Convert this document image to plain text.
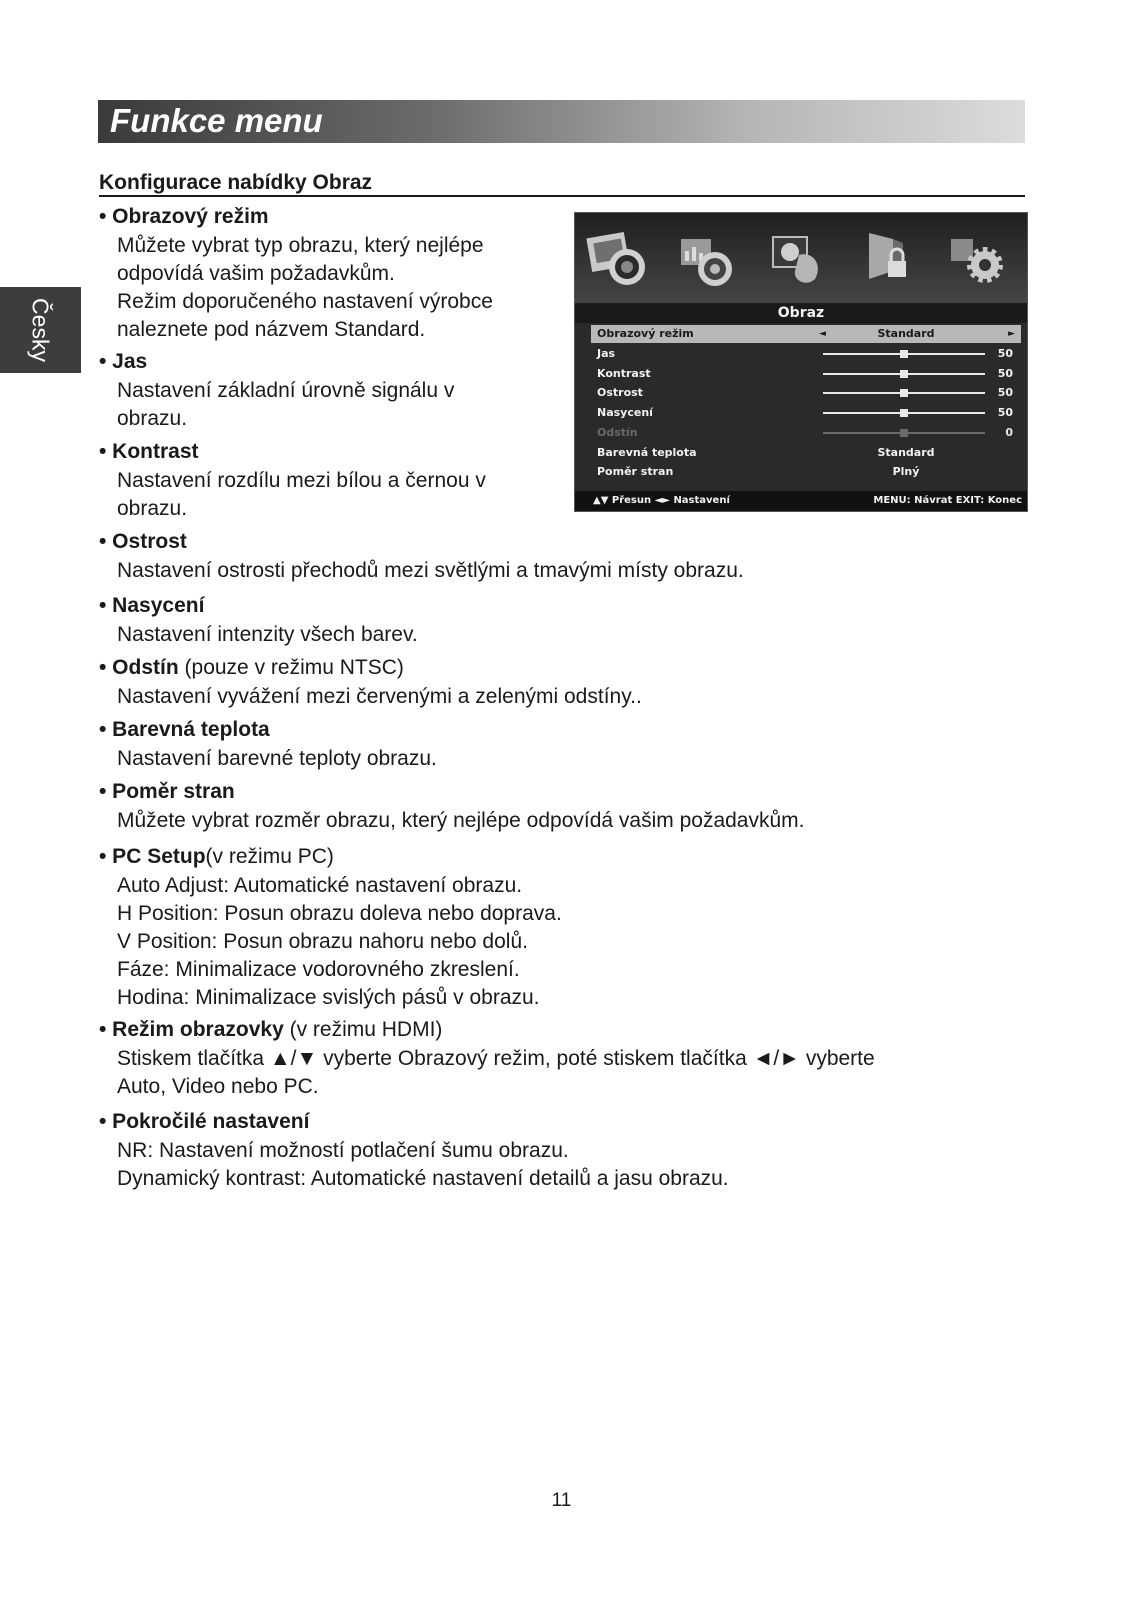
Funkce menu
Česky
Konfigurace nabídky Obraz
• Obrazový režim
Můžete vybrat typ obrazu, který nejlépe
odpovídá vašim požadavkům.
Režim doporučeného nastavení výrobce
naleznete pod názvem Standard.
• Jas
Nastavení základní úrovně signálu v
obrazu.
• Kontrast
Nastavení rozdílu mezi bílou a černou v
obrazu.
• Ostrost
Nastavení ostrosti přechodů mezi světlými a tmavými místy obrazu.
• Nasycení
Nastavení intenzity všech barev.
• Odstín (pouze v režimu NTSC)
Nastavení vyvážení mezi červenými a zelenými odstíny..
• Barevná teplota
Nastavení barevné teploty obrazu.
• Poměr stran
Můžete vybrat rozměr obrazu, který nejlépe odpovídá vašim požadavkům.
• PC Setup(v režimu PC)
Auto Adjust: Automatické nastavení obrazu.
H Position: Posun obrazu doleva nebo doprava.
V Position: Posun obrazu nahoru nebo dolů.
Fáze: Minimalizace vodorovného zkreslení.
Hodina: Minimalizace svislých pásů v obrazu.
• Režim obrazovky (v režimu HDMI)
Stiskem tlačítka ▲/▼ vyberte Obrazový režim, poté stiskem tlačítka ◄/► vyberte
Auto, Video nebo PC.
• Pokročilé nastavení
NR: Nastavení možností potlačení šumu obrazu.
Dynamický kontrast: Automatické nastavení detailů a jasu obrazu.
Obraz
Obrazový režim	◄	Standard	►
Jas	50
Kontrast	50
Ostrost	50
Nasycení	50
Odstín	0
Barevná teplota	Standard
Poměr stran	Plný
▲▼ Přesun ◄► Nastavení	MENU: Návrat EXIT: Konec
11
